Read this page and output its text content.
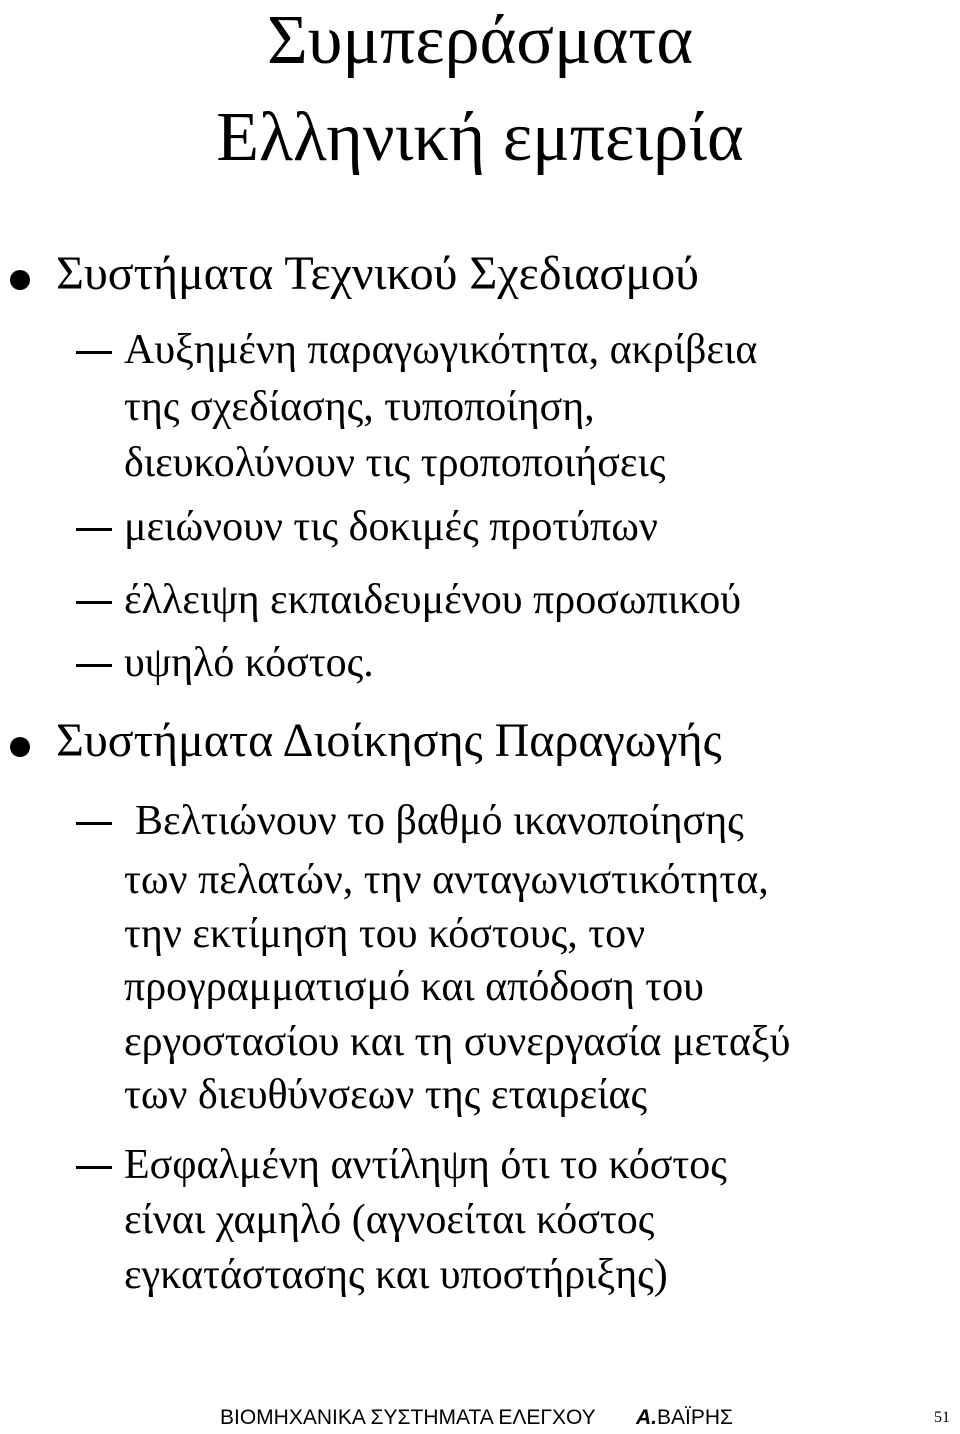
Συμπεράσματα
Ελληνική εμπειρία
Συστήματα Τεχνικού Σχεδιασμού
Αυξημένη παραγωγικότητα, ακρίβεια
της σχεδίασης, τυποποίηση,
διευκολύνουν τις τροποποιήσεις
μειώνουν τις δοκιμές προτύπων
έλλειψη εκπαιδευμένου προσωπικού
υψηλό κόστος.
Συστήματα Διοίκησης Παραγωγής
Βελτιώνουν το βαθμό ικανοποίησης
των πελατών, την ανταγωνιστικότητα,
την εκτίμηση του κόστους, τον
προγραμματισμό και απόδοση του
εργοστασίου και τη συνεργασία μεταξύ
των διευθύνσεων της εταιρείας
Εσφαλμένη αντίληψη ότι το κόστος
είναι χαμηλό (αγνοείται κόστος
εγκατάστασης και υποστήριξης)
ΒΙΟΜΗΧΑΝΙΚΑ ΣΥΣΤΗΜΑΤΑ ΕΛΕΓΧΟΥ Α.ΒΑΪΡΗΣ	51
